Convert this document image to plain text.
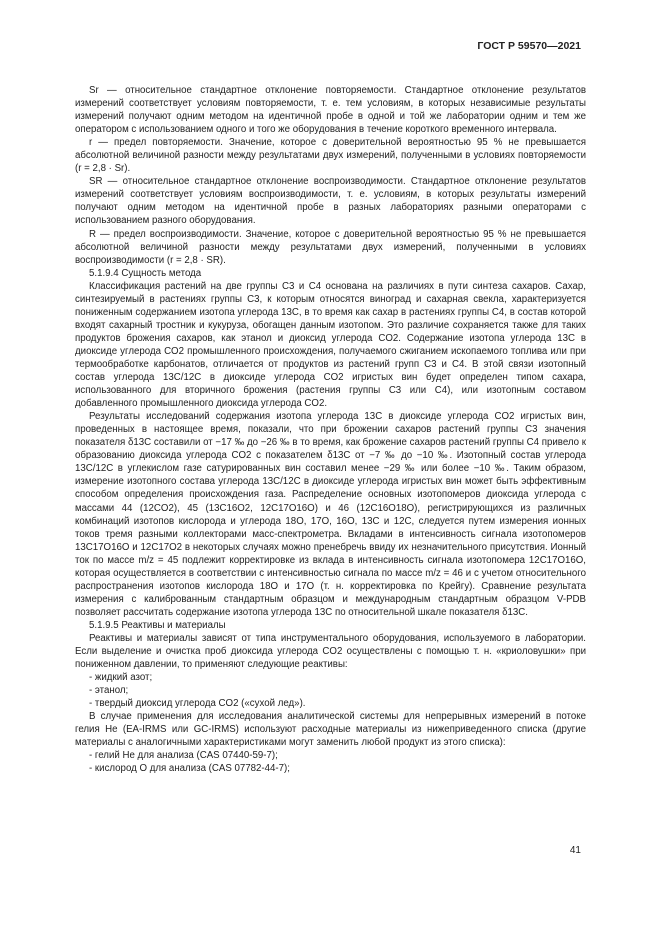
ГОСТ Р 59570—2021

Sr — относительное стандартное отклонение повторяемости. Стандартное отклонение результатов измерений соответствует условиям повторяемости, т. е. тем условиям, в которых независимые результаты измерений получают одним методом на идентичной пробе в одной и той же лаборатории одним и тем же оператором с использованием одного и того же оборудования в течение короткого временного интервала.

r — предел повторяемости. Значение, которое с доверительной вероятностью 95 % не превышается абсолютной величиной разности между результатами двух измерений, полученными в условиях повторяемости (r = 2,8 · Sr).

SR — относительное стандартное отклонение воспроизводимости. Стандартное отклонение результатов измерений соответствует условиям воспроизводимости, т. е. условиям, в которых результаты измерений получают одним методом на идентичной пробе в разных лабораториях разными операторами с использованием разного оборудования.

R — предел воспроизводимости. Значение, которое с доверительной вероятностью 95 % не превышается абсолютной величиной разности между результатами двух измерений, полученными в условиях воспроизводимости (r = 2,8 · SR).

5.1.9.4 Сущность метода

Классификация растений на две группы C3 и C4 основана на различиях в пути синтеза сахаров. Сахар, синтезируемый в растениях группы C3, к которым относятся виноград и сахарная свекла, характеризуется пониженным содержанием изотопа углерода 13C, в то время как сахар в растениях группы C4, в состав которой входят сахарный тростник и кукуруза, обогащен данным изотопом. Это различие сохраняется также для таких продуктов брожения сахаров, как этанол и диоксид углерода CO2. Содержание изотопа углерода 13C в диоксиде углерода CO2 промышленного происхождения, получаемого сжиганием ископаемого топлива или при термообработке карбонатов, отличается от продуктов из растений групп C3 и C4. В этой связи изотопный состав углерода 13C/12C в диоксиде углерода CO2 игристых вин будет определен типом сахара, использованного для вторичного брожения (растения группы C3 или C4), или изотопным составом добавленного промышленного диоксида углерода CO2.

Результаты исследований содержания изотопа углерода 13C в диоксиде углерода CO2 игристых вин, проведенных в настоящее время, показали, что при брожении сахаров растений группы C3 значения показателя δ13C составили от −17 ‰ до −26 ‰ в то время, как брожение сахаров растений группы C4 привело к образованию диоксида углерода CO2 с показателем δ13C от −7 ‰ до −10 ‰. Изотопный состав углерода 13C/12C в углекислом газе сатурированных вин составил менее −29 ‰ или более −10 ‰. Таким образом, измерение изотопного состава углерода 13C/12C в диоксиде углерода игристых вин может быть эффективным способом определения происхождения газа. Распределение основных изотопомеров диоксида углерода с массами 44 (12CO2), 45 (13C16O2, 12C17O16O) и 46 (12C16O18O), регистрирующихся из различных комбинаций изотопов кислорода и углерода 18O, 17O, 16O, 13C и 12C, следуется путем измерения ионных токов тремя разными коллекторами масс-спектрометра. Вкладами в интенсивность сигнала изотопомеров 13C17O16O и 12C17O2 в некоторых случаях можно пренебречь ввиду их незначительного присутствия. Ионный ток по массе m/z = 45 подлежит корректировке из вклада в интенсивность сигнала изотопомера 12C17O16O, которая осуществляется в соответствии с интенсивностью сигнала по массе m/z = 46 и с учетом относительного распространения изотопов кислорода 18O и 17O (т. н. корректировка по Крейгу). Сравнение результата измерения с калиброванным стандартным образцом и международным стандартным образцом V-PDB позволяет рассчитать содержание изотопа углерода 13C по относительной шкале показателя δ13C.

5.1.9.5 Реактивы и материалы

Реактивы и материалы зависят от типа инструментального оборудования, используемого в лаборатории. Если выделение и очистка проб диоксида углерода CO2 осуществлены с помощью т. н. «криоловушки» при пониженном давлении, то применяют следующие реактивы:

- жидкий азот;

- этанол;

- твердый диоксид углерода CO2 («сухой лед»).

В случае применения для исследования аналитической системы для непрерывных измерений в потоке гелия He (EA-IRMS или GC-IRMS) используют расходные материалы из нижеприведенного списка (другие материалы с аналогичными характеристиками могут заменить любой продукт из этого списка):

- гелий He для анализа (CAS 07440-59-7);

- кислород O для анализа (CAS 07782-44-7);

41
